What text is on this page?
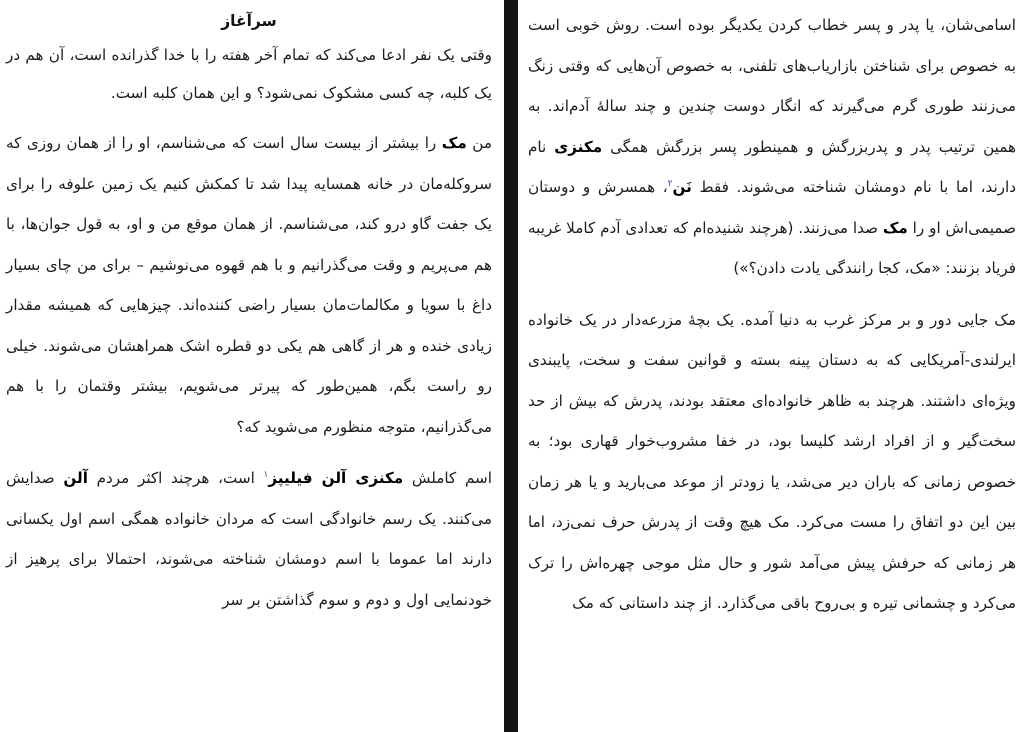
سرآغاز

وقتی یک نفر ادعا می‌کند که تمام آخر هفته را با خدا گذرانده است، آن هم در یک کلبه، چه کسی مشکوک نمی‌شود؟ و این همان کلبه است.

من مک را بیشتر از بیست سال است که می‌شناسم، او را از همان روزی که سروکله‌مان در خانه همسایه پیدا شد تا کمکش کنیم یک زمین علوفه را برای یک جفت گاو درو کند، می‌شناسم. از همان موقع من و او، به قول جوان‌ها، با هم می‌پریم و وقت می‌گذرانیم و با هم قهوه می‌نوشیم – برای من چای بسیار داغ با سویا و مکالمات‌مان بسیار راضی کننده‌اند. چیزهایی که همیشه مقدار زیادی خنده و هر از گاهی هم یکی دو قطره اشک همراهشان می‌شوند. خیلی رو راست بگم، همین‌طور که پیرتر می‌شویم، بیشتر وقتمان را با هم می‌گذرانیم، متوجه منظورم می‌شوید که؟

اسم کاملش مکنزی آلن فیلیپز$^۱$ است، هرچند اکثر مردم آلن صدایش می‌کنند. یک رسم خانوادگی است که مردان خانواده همگی اسم اول یکسانی دارند اما عموما با اسم دومشان شناخته می‌شوند، احتمالا برای پرهیز از خودنمایی اول و دوم و سوم گذاشتن بر سر

اسامی‌شان، یا پدر و پسر خطاب کردن یکدیگر بوده است. روش خوبی است به خصوص برای شناختن بازاریاب‌های تلفنی، به خصوص آن‌هایی که وقتی زنگ می‌زنند طوری گرم می‌گیرند که انگار دوست چندین و چند ساله‌ٔ آدم‌اند. به همین ترتیب پدر و پدربزرگش و همینطور پسر بزرگش همگی مکنزی نام دارند، اما با نام دومشان شناخته می‌شوند. فقط نَن$^۲$، همسرش و دوستان صمیمی‌اش او را مک صدا می‌زنند. (هرچند شنیده‌ام که تعدادی آدم کاملا غریبه فریاد بزنند: «مک، کجا رانندگی یادت دادن؟»)

مک جایی دور و بر مرکز غرب به دنیا آمده. یک بچهٔ مزرعه‌دار در یک خانواده ایرلندی-آمریکایی که به دستان پینه بسته و قوانین سفت و سخت، پایبندی ویژه‌ای داشتند. هرچند به ظاهر خانواده‌ای معتقد بودند، پدرش که بیش از حد سخت‌گیر و از افراد ارشد کلیسا بود، در خفا مشروب‌خوار قهاری بود؛ به خصوص زمانی که باران دیر می‌شد، یا زودتر از موعد می‌بارید و یا هر زمان بین این دو اتفاق را مست می‌کرد. مک هیچ وقت از پدرش حرف نمی‌زد، اما هر زمانی که حرفش پیش می‌آمد شور و حال مثل موجی چهره‌اش را ترک می‌کرد و چشمانی تیره و بی‌روح باقی می‌گذارد. از چند داستانی که مک
